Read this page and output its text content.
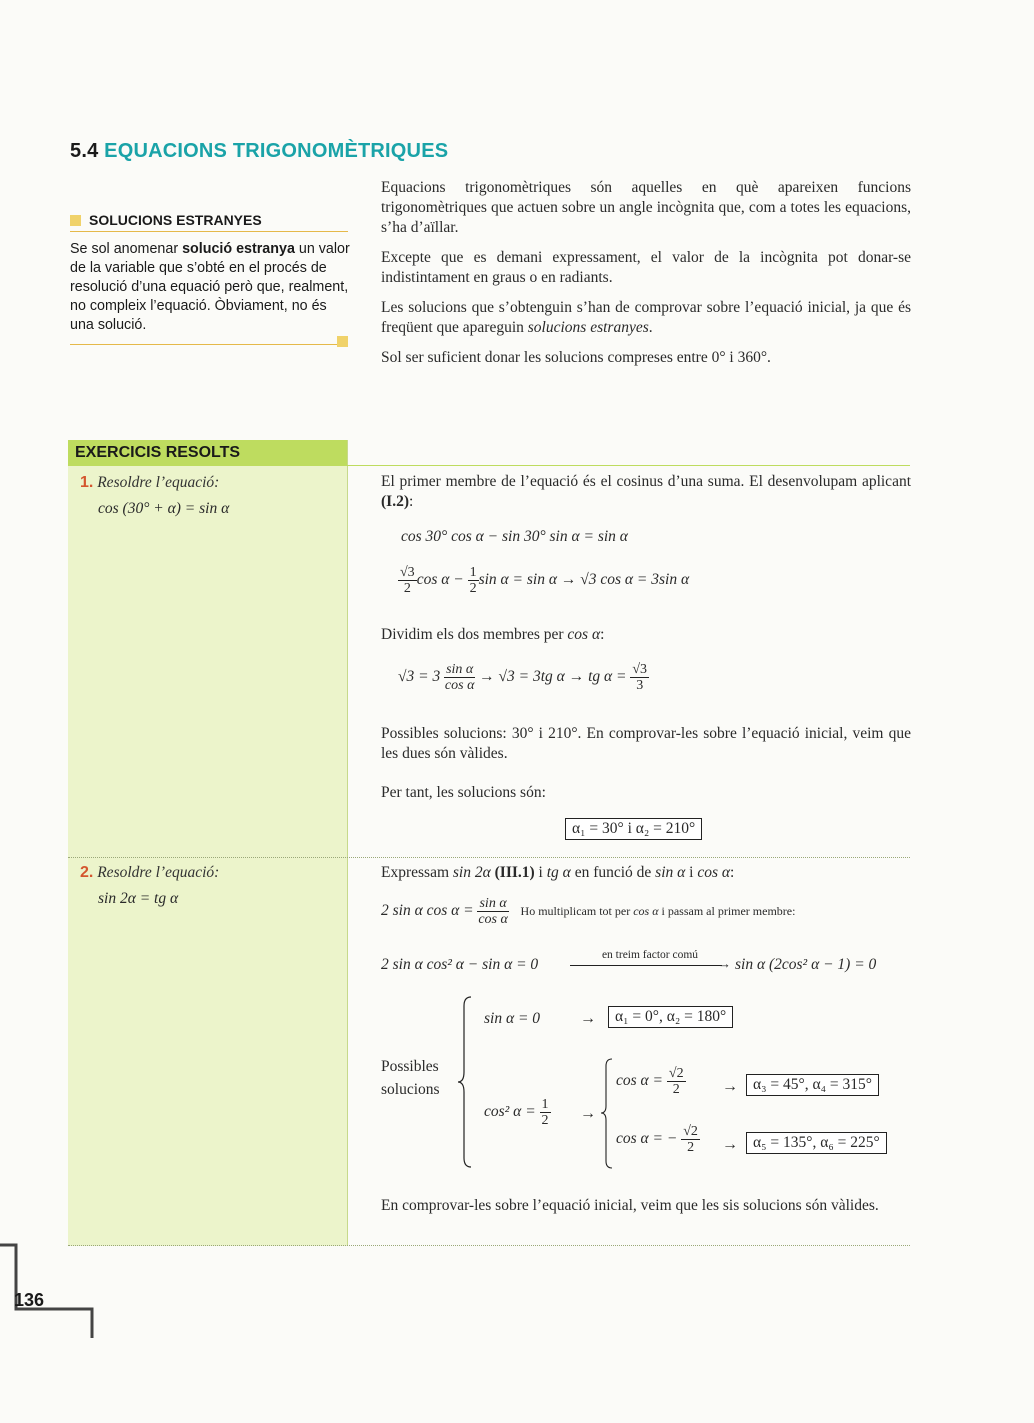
5.4 EQUACIONS TRIGONOMÈTRIQUES
SOLUCIONS ESTRANYES
Se sol anomenar solució estranya un valor de la variable que s’obté en el procés de resolució d’una equació però que, realment, no compleix l’equació. Òbviament, no és una solució.
Equacions trigonomètriques són aquelles en què apareixen funcions trigonomètriques que actuen sobre un angle incògnita que, com a totes les equacions, s’ha d’aïllar.
Excepte que es demani expressament, el valor de la incògnita pot donar-se indistintament en graus o en radiants.
Les solucions que s’obtenguin s’han de comprovar sobre l’equació inicial, ja que és freqüent que apareguin solucions estranyes.
Sol ser suficient donar les solucions compreses entre 0° i 360°.
EXERCICIS RESOLTS
1. Resoldre l’equació:
cos (30° + α) = sin α
El primer membre de l’equació és el cosinus d’una suma. El desenvolupam aplicant (I.2):
cos 30° cos α − sin 30° sin α = sin α
$\frac{√3}{2}$ $\cos \alpha - \frac{1}{2}$ sin α = sin α → √3 cos α = 3sin α
Dividim els dos membres per cos α:
$√3 = 3 \frac{\text{sin α}}{\text{cos α}} \to √3 = 3tg$ α → tg $\alpha = \frac{√3}{3}$
Possibles solucions: 30° i 210°. En comprovar-les sobre l’equació inicial, veim que les dues són vàlides.
Per tant, les solucions són:
α₁ = 30° i α₂ = 210°
2. Resoldre l’equació:
sin 2α = tg α
Expressam sin 2α (III.1) i tg α en funció de sin α i cos α:
2 sin α $\cos \alpha = \frac{\text{sin α}}{\text{cos α}}$ Ho multiplicam tot per cos α i passam al primer membre:
2 sin α cos² α − sin α = 0
en treim factor comú
→ sin α (2cos² α − 1) = 0
Possibles
solucions
sin α = 0 →	α₁ = 0°, α₂ = 180°
cos² $\alpha = \frac{1}{2}$ →
$\cos \alpha = \frac{√2}{2} \to \alpha_3 = 45^\circ$, α₄ = 315°
cos α = − $\frac{√2}{2} \to \alpha_5 = 135^\circ$, α₆ = 225°
En comprovar-les sobre l’equació inicial, veim que les sis solucions són vàlides.
136
